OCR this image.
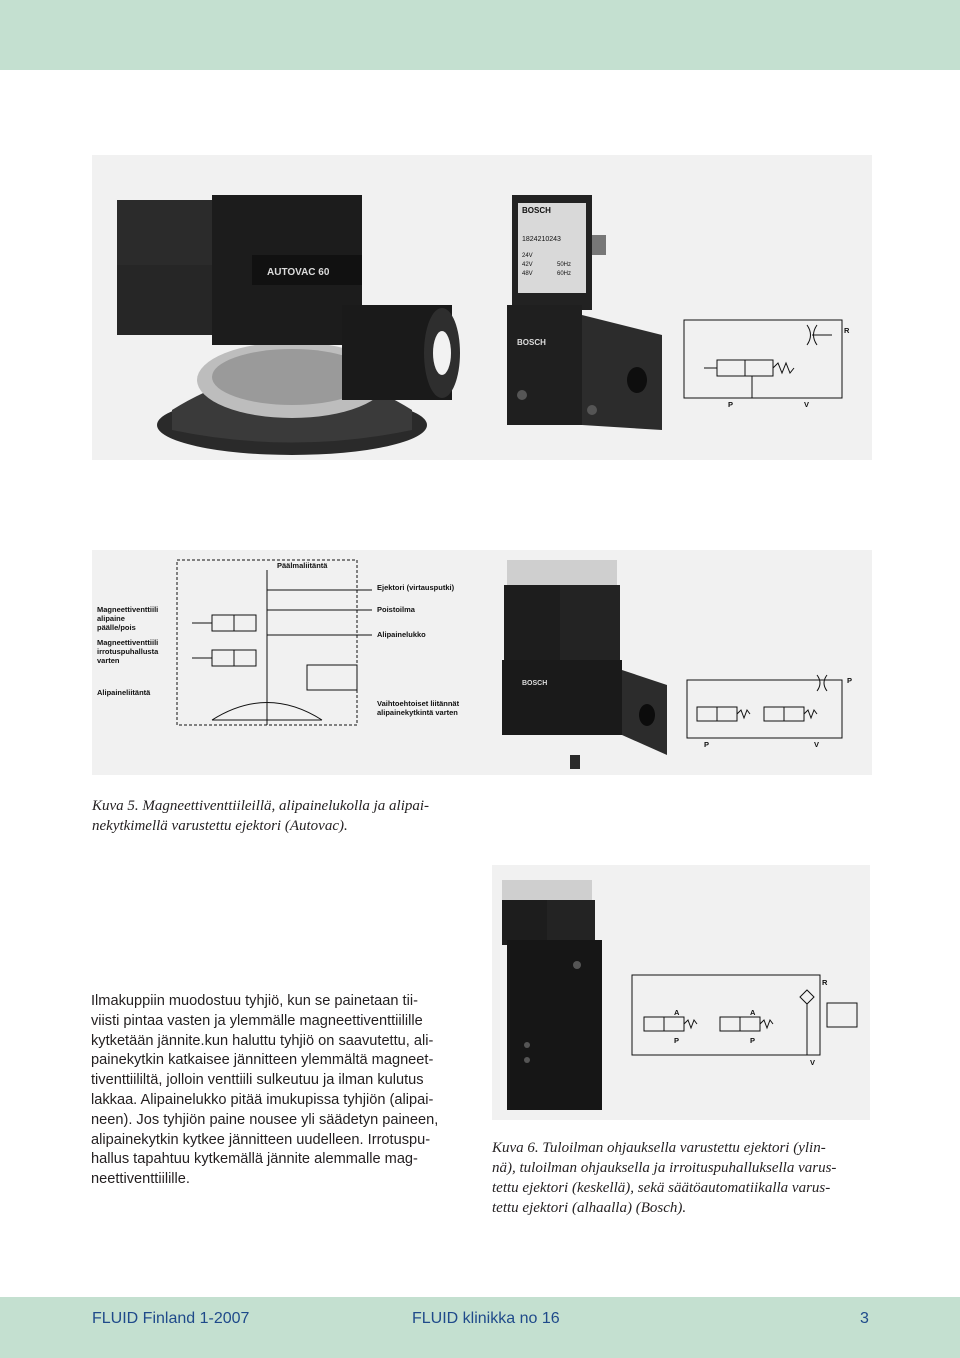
AUTOVAC 60
BOSCH
1824210243
24V
42V
48V
50Hz
60Hz
BOSCH
R
P	V
Päälmaliitäntä
Ejektori (virtausputki)
Poistoilma
Alipainelukko
Magneettiventtiili
alipaine
päälle/pois
Magneettiventtiili
irrotuspuhallusta
varten
Alipaineliitäntä
Vaihtoehtoiset liitännät
alipainekytkintä varten
BOSCH	P
P	V

Kuva 5. Magneettiventtiileillä, alipainelukolla ja alipai-
nekytkimellä varustettu ejektori (Autovac).

A	A
P	P
R
V

Ilmakuppiin muodostuu tyhjiö, kun se painetaan tii-
viisti pintaa vasten ja ylemmälle magneettiventtiilille
kytketään jännite.kun haluttu tyhjiö on saavutettu, ali-
painekytkin katkaisee jännitteen ylemmältä magneet-
tiventtiililtä, jolloin venttiili sulkeutuu ja ilman kulutus
lakkaa. Alipainelukko pitää imukupissa tyhjiön (alipai-
neen). Jos tyhjiön paine nousee yli säädetyn paineen,
alipainekytkin kytkee jännitteen uudelleen. Irrotuspu-
hallus tapahtuu kytkemällä jännite alemmalle mag-
neettiventtiilille.

Kuva 6. Tuloilman ohjauksella varustettu ejektori (ylin-
nä), tuloilman ohjauksella ja irroituspuhalluksella varus-
tettu ejektori (keskellä), sekä säätöautomatiikalla varus-
tettu ejektori (alhaalla) (Bosch).

FLUID Finland 1-2007	FLUID klinikka no 16	3
